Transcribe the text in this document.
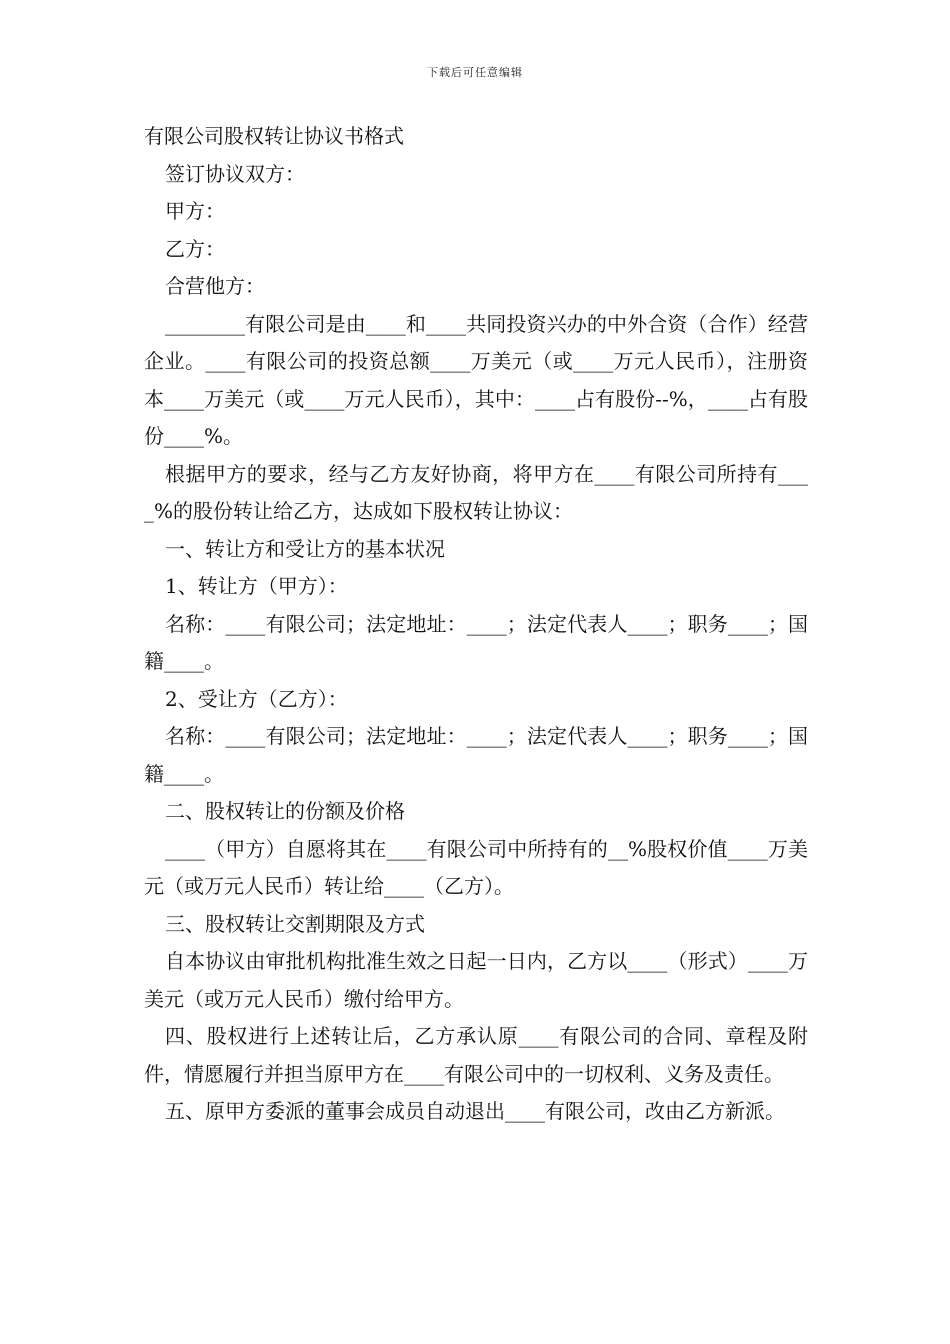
下载后可任意编辑

有限公司股权转让协议书格式

签订协议双方：

甲方：

乙方：

合营他方：

________有限公司是由____和____共同投资兴办的中外合资（合作）经营企业。____有限公司的投资总额____万美元（或____万元人民币），注册资本____万美元（或____万元人民币），其中：____占有股份--%，____占有股份____%。

根据甲方的要求，经与乙方友好协商，将甲方在____有限公司所持有____%的股份转让给乙方，达成如下股权转让协议：

一、转让方和受让方的基本状况

1、转让方（甲方）：

名称：____有限公司；法定地址：____；法定代表人____；职务____；国籍____。

2、受让方（乙方）：

名称：____有限公司；法定地址：____；法定代表人____；职务____；国籍____。

二、股权转让的份额及价格

____（甲方）自愿将其在____有限公司中所持有的__%股权价值____万美元（或万元人民币）转让给____（乙方）。

三、股权转让交割期限及方式

自本协议由审批机构批准生效之日起一日内，乙方以____（形式）____万美元（或万元人民币）缴付给甲方。

四、股权进行上述转让后，乙方承认原____有限公司的合同、章程及附件，情愿履行并担当原甲方在____有限公司中的一切权利、义务及责任。

五、原甲方委派的董事会成员自动退出____有限公司，改由乙方新派。
